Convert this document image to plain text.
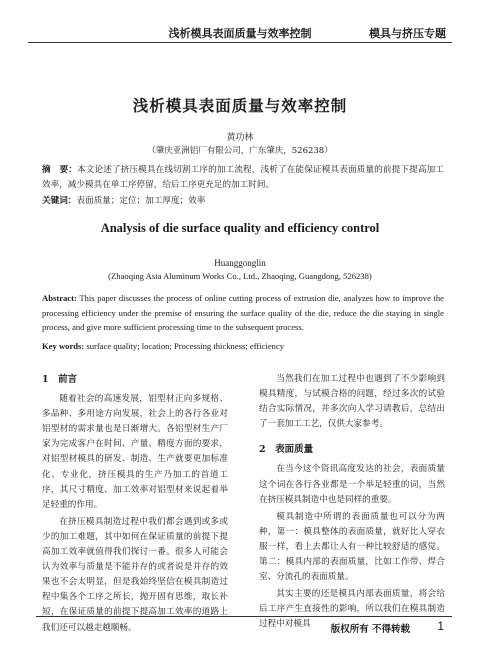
浅析模具表面质量与效率控制	模具与挤压专题
浅析模具表面质量与效率控制
黄功林
（肇庆亚洲铝厂有限公司，广东肇庆，526238）
摘　要：本文论述了挤压模具在线切割工序的加工流程，浅析了在能保证模具表面质量的前提下提高加工效率，减少模具在单工序停留，给后工序更充足的加工时间。
关键词：表面质量；定位；加工厚度；效率
Analysis of die surface quality and efficiency control
Huanggonglin
(Zhaoqing Asia Aluminum Works Co., Ltd., Zhaoqing, Guangdong, 526238)
Abstract: This paper discusses the process of online cutting process of extrusion die, analyzes how to improve the processing efficiency under the premise of ensuring the surface quality of the die, reduce the die staying in single process, and give more sufficient processing time to the subsequent process.
Key words: surface quality; location; Processing thickness; efficiency
1　前言

随着社会的高速发展，铝型材正向多规格、多品种、多用途方向发展，社会上的各行各业对铝型材的需求量也是日渐增大。各铝型材生产厂家为完成客户在时间、产量、精度方面的要求，对铝型材模具的研发、制造、生产就要更加标准化、专业化，挤压模具的生产乃加工的首道工序，其尺寸精度、加工效率对铝型材来说起着举足轻重的作用。

在挤压模具制造过程中我们都会遇到或多或少的加工难题，其中如何在保证质量的前提下提高加工效率就值得我们探讨一番。很多人可能会认为效率与质量是不能并存的或者说是并存的效果也不会太明显，但是我始终坚信在模具制造过程中集各个工序之所长，抛开固有思维，取长补短，在保证质量的前提下提高加工效率的道路上我们还可以越走越顺畅。

当然我们在加工过程中也遇到了不少影响到模具精度，与试模合格的问题，经过多次的试验结合实际情况，并多次向人学习请教后，总结出了一套加工工艺，仅供大家参考。

2　表面质量

在当今这个资讯高度发达的社会，表面质量这个词在各行各业都是一个举足轻重的词，当然在挤压模具制造中也是同样的重要。

模具制造中所谓的表面质量也可以分为两种，第一：模具整体的表面质量，就好比人穿衣服一样，看上去都让人有一种比较舒适的感觉。第二：模具内部的表面质量，比如工作带、焊合室、分流孔的表面质量。

其实主要的还是模具内部表面质量，将会给后工序产生直接性的影响，所以我们在模具制造过程中对模具	版权所有 不得转载 1
